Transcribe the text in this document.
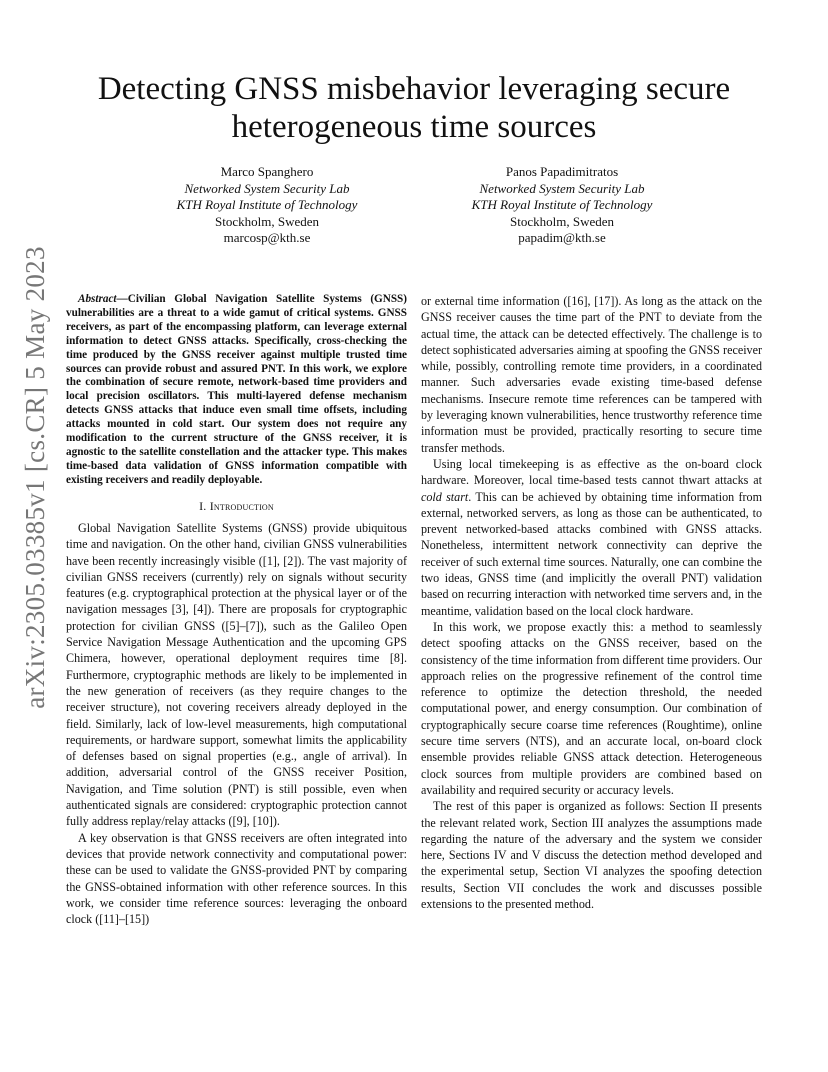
arXiv:2305.03385v1 [cs.CR] 5 May 2023
Detecting GNSS misbehavior leveraging secure
heterogeneous time sources
Marco Spanghero
Networked System Security Lab
KTH Royal Institute of Technology
Stockholm, Sweden
marcosp@kth.se
Panos Papadimitratos
Networked System Security Lab
KTH Royal Institute of Technology
Stockholm, Sweden
papadim@kth.se

Abstract—Civilian Global Navigation Satellite Systems (GNSS) vulnerabilities are a threat to a wide gamut of critical systems. GNSS receivers, as part of the encompassing platform, can leverage external information to detect GNSS attacks. Specifically, cross-checking the time produced by the GNSS receiver against multiple trusted time sources can provide robust and assured PNT. In this work, we explore the combination of secure remote, network-based time providers and local precision oscillators. This multi-layered defense mechanism detects GNSS attacks that induce even small time offsets, including attacks mounted in cold start. Our system does not require any modification to the current structure of the GNSS receiver, it is agnostic to the satellite constellation and the attacker type. This makes time-based data validation of GNSS information compatible with existing receivers and readily deployable.

I. Introduction

Global Navigation Satellite Systems (GNSS) provide ubiquitous time and navigation. On the other hand, civilian GNSS vulnerabilities have been recently increasingly visible ([1], [2]). The vast majority of civilian GNSS receivers (currently) rely on signals without security features (e.g. cryptographical protection at the physical layer or of the navigation messages [3], [4]). There are proposals for cryptographic protection for civilian GNSS ([5]–[7]), such as the Galileo Open Service Navigation Message Authentication and the upcoming GPS Chimera, however, operational deployment requires time [8]. Furthermore, cryptographic methods are likely to be implemented in the new generation of receivers (as they require changes to the receiver structure), not covering receivers already deployed in the field. Similarly, lack of low-level measurements, high computational requirements, or hardware support, somewhat limits the applicability of defenses based on signal properties (e.g., angle of arrival). In addition, adversarial control of the GNSS receiver Position, Navigation, and Time solution (PNT) is still possible, even when authenticated signals are considered: cryptographic protection cannot fully address replay/relay attacks ([9], [10]).

A key observation is that GNSS receivers are often integrated into devices that provide network connectivity and computational power: these can be used to validate the GNSS-provided PNT by comparing the GNSS-obtained information with other reference sources. In this work, we consider time reference sources: leveraging the onboard clock ([11]–[15])

or external time information ([16], [17]). As long as the attack on the GNSS receiver causes the time part of the PNT to deviate from the actual time, the attack can be detected effectively. The challenge is to detect sophisticated adversaries aiming at spoofing the GNSS receiver while, possibly, controlling remote time providers, in a coordinated manner. Such adversaries evade existing time-based defense mechanisms. Insecure remote time references can be tampered with by leveraging known vulnerabilities, hence trustworthy reference time information must be provided, practically resorting to secure time transfer methods.

Using local timekeeping is as effective as the on-board clock hardware. Moreover, local time-based tests cannot thwart attacks at cold start. This can be achieved by obtaining time information from external, networked servers, as long as those can be authenticated, to prevent networked-based attacks combined with GNSS attacks. Nonetheless, intermittent network connectivity can deprive the receiver of such external time sources. Naturally, one can combine the two ideas, GNSS time (and implicitly the overall PNT) validation based on recurring interaction with networked time servers and, in the meantime, validation based on the local clock hardware.

In this work, we propose exactly this: a method to seamlessly detect spoofing attacks on the GNSS receiver, based on the consistency of the time information from different time providers. Our approach relies on the progressive refinement of the control time reference to optimize the detection threshold, the needed computational power, and energy consumption. Our combination of cryptographically secure coarse time references (Roughtime), online secure time servers (NTS), and an accurate local, on-board clock ensemble provides reliable GNSS attack detection. Heterogeneous clock sources from multiple providers are combined based on availability and required security or accuracy levels.

The rest of this paper is organized as follows: Section II presents the relevant related work, Section III analyzes the assumptions made regarding the nature of the adversary and the system we consider here, Sections IV and V discuss the detection method developed and the experimental setup, Section VI analyzes the spoofing detection results, Section VII concludes the work and discusses possible extensions to the presented method.
